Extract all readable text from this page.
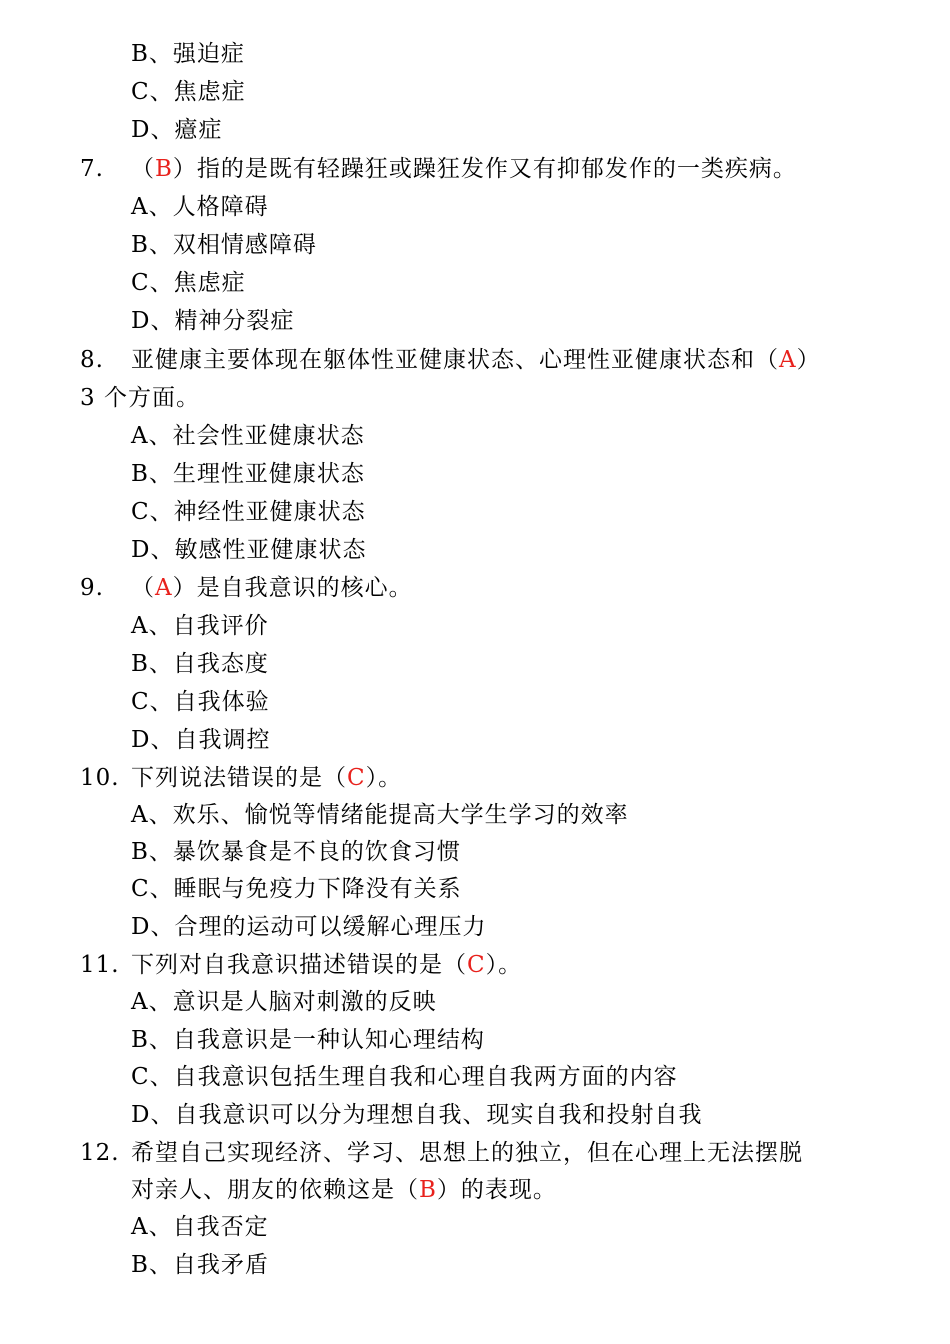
B、强迫症
C、焦虑症
D、癔症
7. （B）指的是既有轻躁狂或躁狂发作又有抑郁发作的一类疾病。
A、人格障碍
B、双相情感障碍
C、焦虑症
D、精神分裂症
8. 亚健康主要体现在躯体性亚健康状态、心理性亚健康状态和（A）
3 个方面。
A、社会性亚健康状态
B、生理性亚健康状态
C、神经性亚健康状态
D、敏感性亚健康状态
9. （A）是自我意识的核心。
A、自我评价
B、自我态度
C、自我体验
D、自我调控
10. 下列说法错误的是（C）。
A、欢乐、愉悦等情绪能提高大学生学习的效率
B、暴饮暴食是不良的饮食习惯
C、睡眠与免疫力下降没有关系
D、合理的运动可以缓解心理压力
11. 下列对自我意识描述错误的是（C）。
A、意识是人脑对刺激的反映
B、自我意识是一种认知心理结构
C、自我意识包括生理自我和心理自我两方面的内容
D、自我意识可以分为理想自我、现实自我和投射自我
12. 希望自己实现经济、学习、思想上的独立，但在心理上无法摆脱
对亲人、朋友的依赖这是（B）的表现。
A、自我否定
B、自我矛盾
